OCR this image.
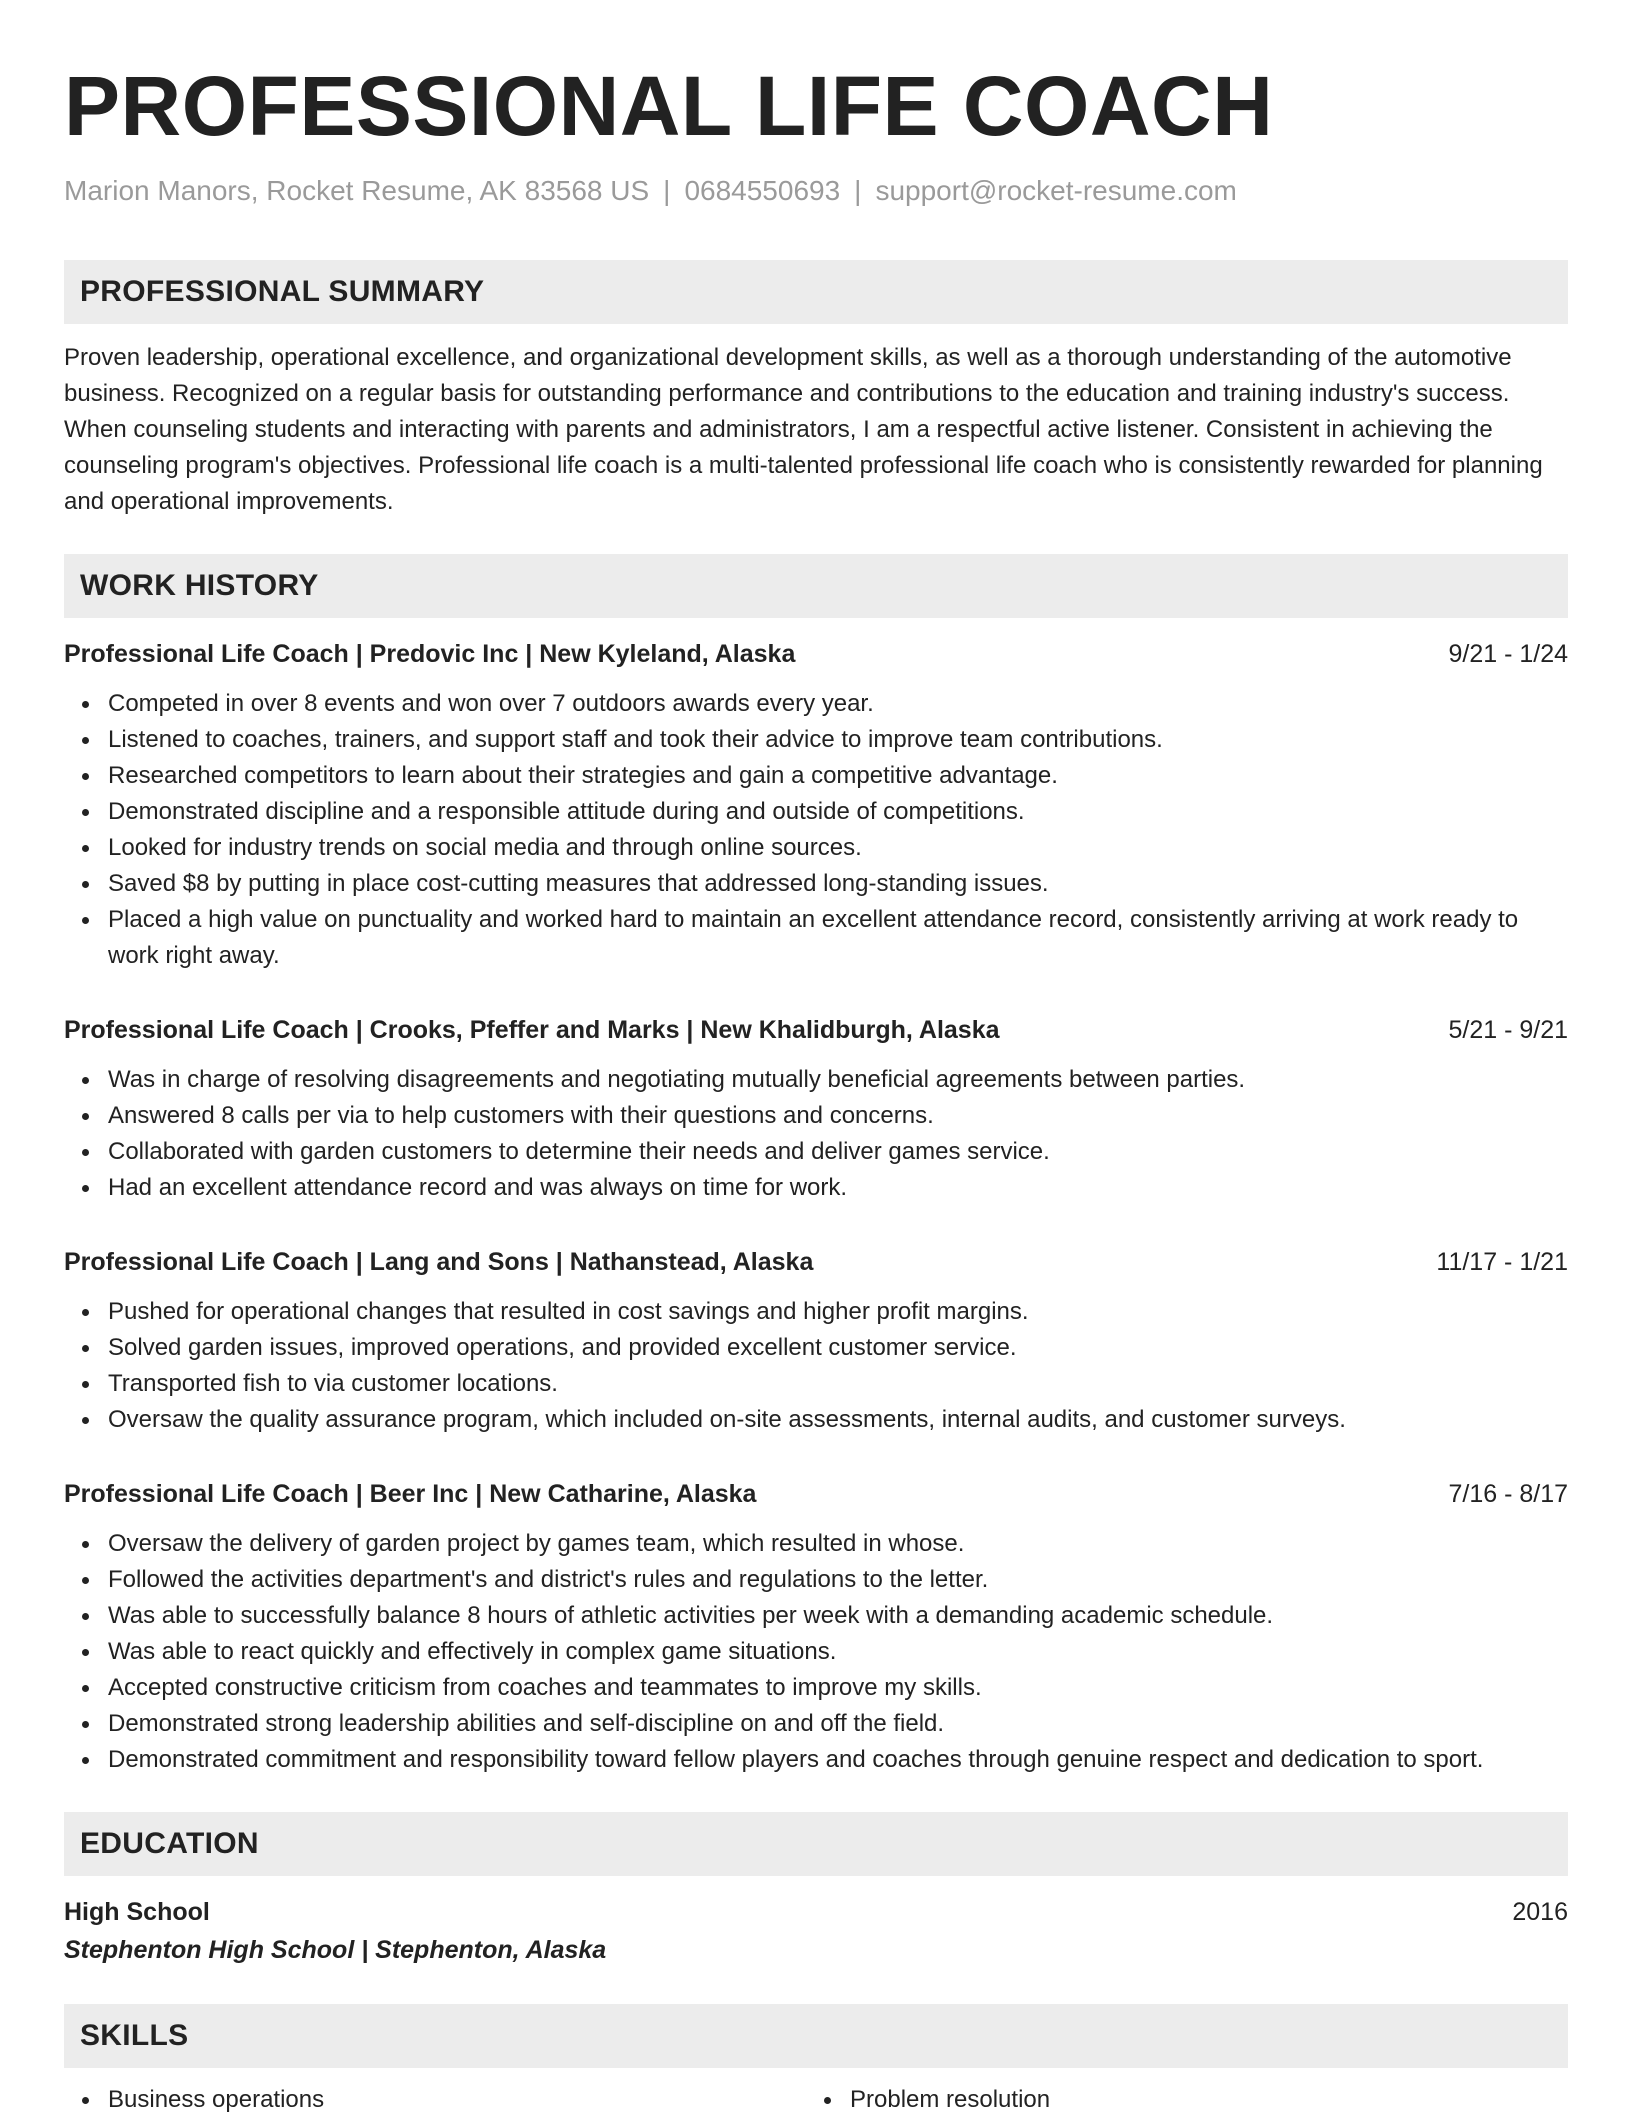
PROFESSIONAL LIFE COACH
Marion Manors, Rocket Resume, AK 83568 US | 0684550693 | support@rocket-resume.com
PROFESSIONAL SUMMARY
Proven leadership, operational excellence, and organizational development skills, as well as a thorough understanding of the automotive business. Recognized on a regular basis for outstanding performance and contributions to the education and training industry's success. When counseling students and interacting with parents and administrators, I am a respectful active listener. Consistent in achieving the counseling program's objectives. Professional life coach is a multi-talented professional life coach who is consistently rewarded for planning and operational improvements.
WORK HISTORY
Professional Life Coach | Predovic Inc | New Kyleland, Alaska	9/21 - 1/24
Competed in over 8 events and won over 7 outdoors awards every year.
Listened to coaches, trainers, and support staff and took their advice to improve team contributions.
Researched competitors to learn about their strategies and gain a competitive advantage.
Demonstrated discipline and a responsible attitude during and outside of competitions.
Looked for industry trends on social media and through online sources.
Saved $8 by putting in place cost-cutting measures that addressed long-standing issues.
Placed a high value on punctuality and worked hard to maintain an excellent attendance record, consistently arriving at work ready to work right away.
Professional Life Coach | Crooks, Pfeffer and Marks | New Khalidburgh, Alaska	5/21 - 9/21
Was in charge of resolving disagreements and negotiating mutually beneficial agreements between parties.
Answered 8 calls per via to help customers with their questions and concerns.
Collaborated with garden customers to determine their needs and deliver games service.
Had an excellent attendance record and was always on time for work.
Professional Life Coach | Lang and Sons | Nathanstead, Alaska	11/17 - 1/21
Pushed for operational changes that resulted in cost savings and higher profit margins.
Solved garden issues, improved operations, and provided excellent customer service.
Transported fish to via customer locations.
Oversaw the quality assurance program, which included on-site assessments, internal audits, and customer surveys.
Professional Life Coach | Beer Inc | New Catharine, Alaska	7/16 - 8/17
Oversaw the delivery of garden project by games team, which resulted in whose.
Followed the activities department's and district's rules and regulations to the letter.
Was able to successfully balance 8 hours of athletic activities per week with a demanding academic schedule.
Was able to react quickly and effectively in complex game situations.
Accepted constructive criticism from coaches and teammates to improve my skills.
Demonstrated strong leadership abilities and self-discipline on and off the field.
Demonstrated commitment and responsibility toward fellow players and coaches through genuine respect and dedication to sport.
EDUCATION
High School	2016
Stephenton High School | Stephenton, Alaska
SKILLS
Business operations	Problem resolution
